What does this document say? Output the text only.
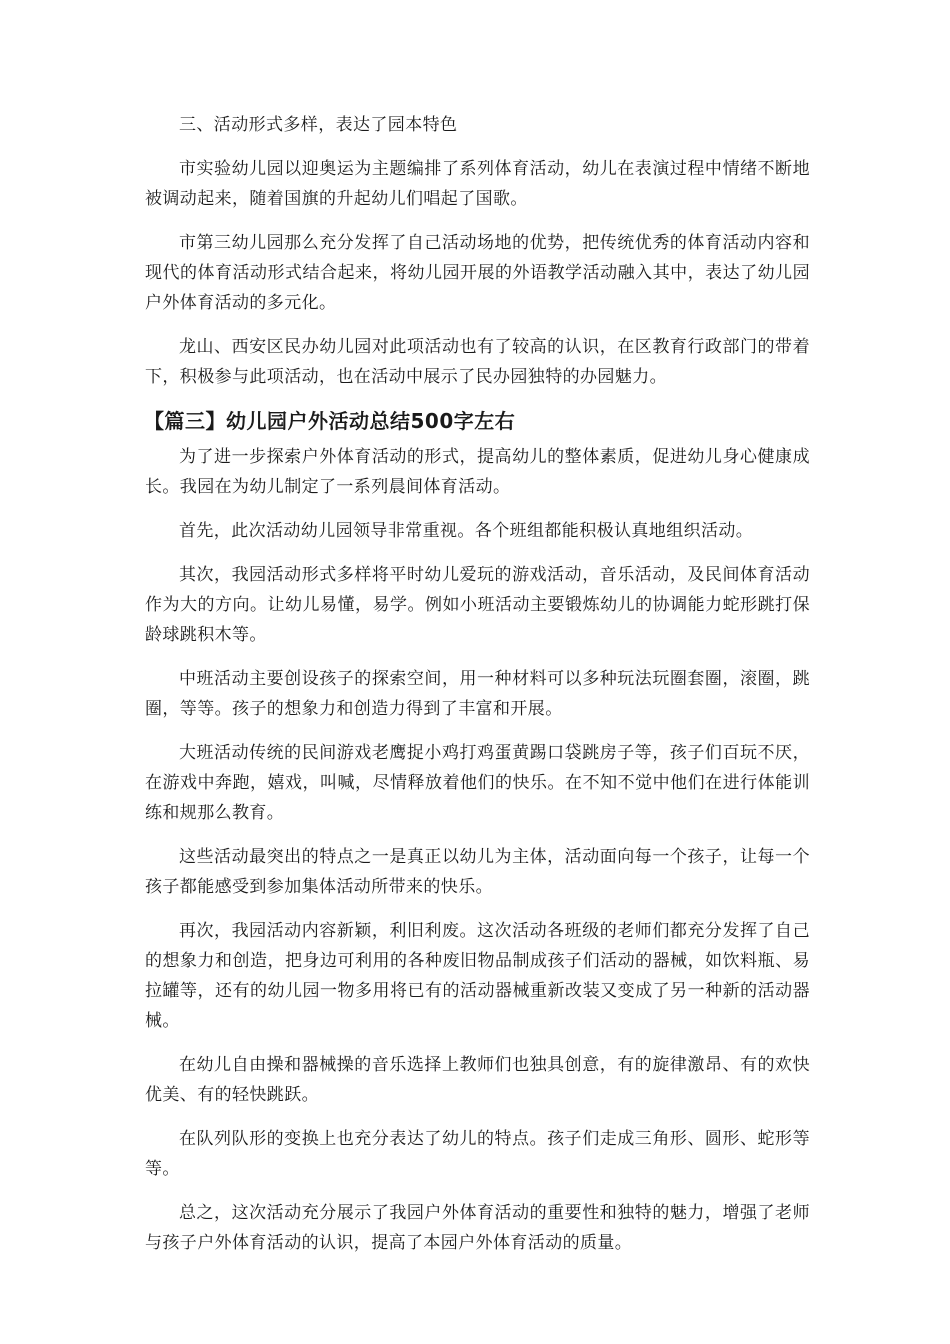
三、活动形式多样，表达了园本特色

市实验幼儿园以迎奥运为主题编排了系列体育活动，幼儿在表演过程中情绪不断地被调动起来，随着国旗的升起幼儿们唱起了国歌。

市第三幼儿园那么充分发挥了自己活动场地的优势，把传统优秀的体育活动内容和现代的体育活动形式结合起来，将幼儿园开展的外语教学活动融入其中，表达了幼儿园户外体育活动的多元化。

龙山、西安区民办幼儿园对此项活动也有了较高的认识，在区教育行政部门的带着下，积极参与此项活动，也在活动中展示了民办园独特的办园魅力。

【篇三】幼儿园户外活动总结500字左右

为了进一步探索户外体育活动的形式，提高幼儿的整体素质，促进幼儿身心健康成长。我园在为幼儿制定了一系列晨间体育活动。

首先，此次活动幼儿园领导非常重视。各个班组都能积极认真地组织活动。

其次，我园活动形式多样将平时幼儿爱玩的游戏活动，音乐活动，及民间体育活动作为大的方向。让幼儿易懂，易学。例如小班活动主要锻炼幼儿的协调能力蛇形跳打保龄球跳积木等。

中班活动主要创设孩子的探索空间，用一种材料可以多种玩法玩圈套圈，滚圈，跳圈，等等。孩子的想象力和创造力得到了丰富和开展。

大班活动传统的民间游戏老鹰捉小鸡打鸡蛋黄踢口袋跳房子等，孩子们百玩不厌，在游戏中奔跑，嬉戏，叫喊，尽情释放着他们的快乐。在不知不觉中他们在进行体能训练和规那么教育。

这些活动最突出的特点之一是真正以幼儿为主体，活动面向每一个孩子，让每一个孩子都能感受到参加集体活动所带来的快乐。

再次，我园活动内容新颖，利旧利废。这次活动各班级的老师们都充分发挥了自己的想象力和创造，把身边可利用的各种废旧物品制成孩子们活动的器械，如饮料瓶、易拉罐等，还有的幼儿园一物多用将已有的活动器械重新改装又变成了另一种新的活动器械。

在幼儿自由操和器械操的音乐选择上教师们也独具创意，有的旋律激昂、有的欢快优美、有的轻快跳跃。

在队列队形的变换上也充分表达了幼儿的特点。孩子们走成三角形、圆形、蛇形等等。

总之，这次活动充分展示了我园户外体育活动的重要性和独特的魅力，增强了老师与孩子户外体育活动的认识，提高了本园户外体育活动的质量。
